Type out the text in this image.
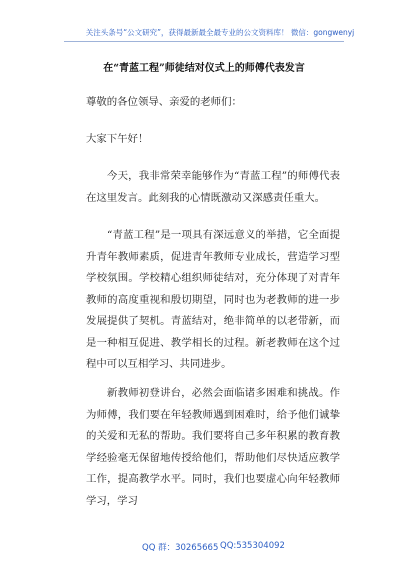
关注头条号“公文研究”，获得最新最全最专业的公文资料库！ 微信：gongwenyj
在“青蓝工程”师徒结对仪式上的师傅代表发言
尊敬的各位领导、亲爱的老师们：
大家下午好！
今天，我非常荣幸能够作为“青蓝工程”的师傅代表在这里发言。此刻我的心情既激动又深感责任重大。
“青蓝工程”是一项具有深远意义的举措，它全面提升青年教师素质，促进青年教师专业成长，营造学习型学校氛围。学校精心组织师徒结对，充分体现了对青年教师的高度重视和殷切期望，同时也为老教师的进一步发展提供了契机。青蓝结对，绝非简单的以老带新，而是一种相互促进、教学相长的过程。新老教师在这个过程中可以互相学习、共同进步。
新教师初登讲台，必然会面临诸多困难和挑战。作为师傅，我们要在年轻教师遇到困难时，给予他们诚挚的关爱和无私的帮助。我们要将自己多年积累的教育教学经验毫无保留地传授给他们，帮助他们尽快适应教学工作，提高教学水平。同时，我们也要虚心向年轻教师学习，学习
QQ 群：30265665 QQ:535304092
